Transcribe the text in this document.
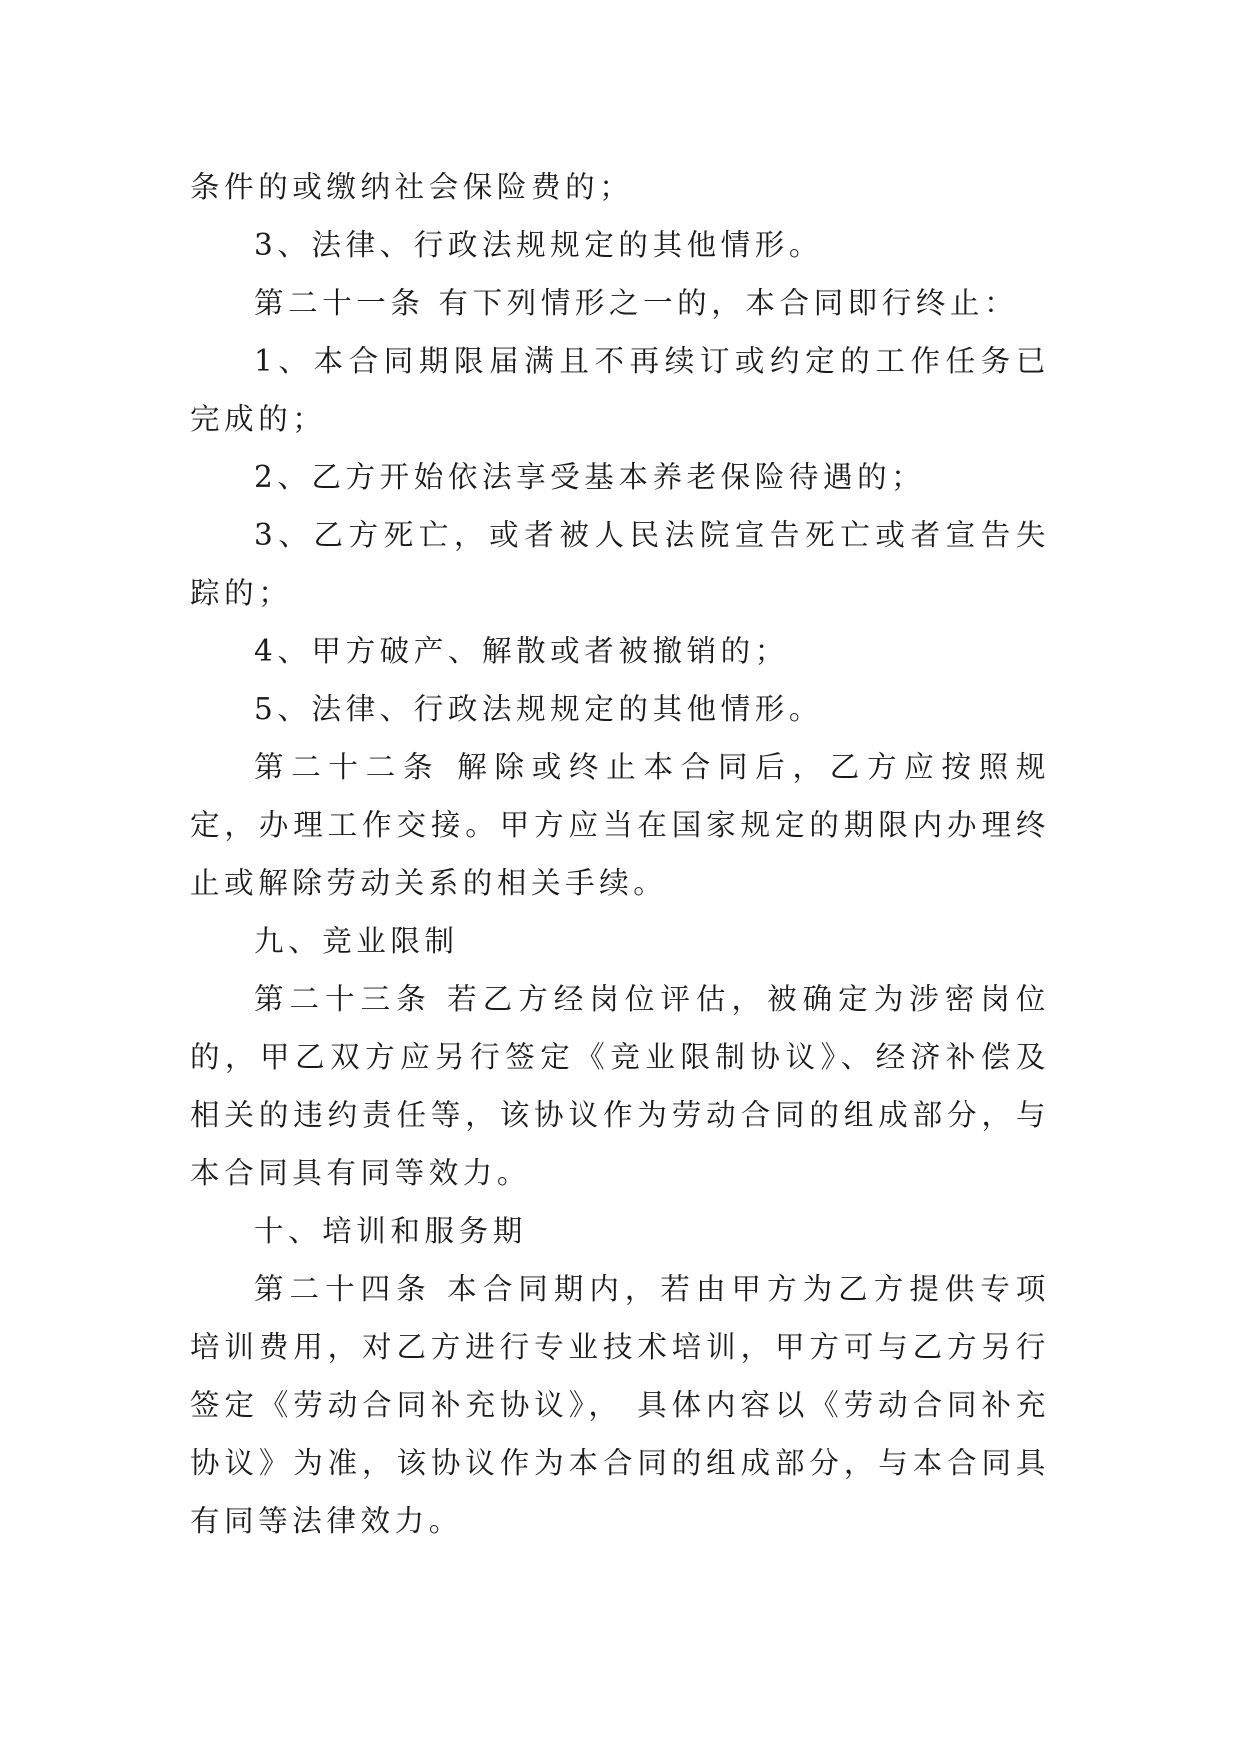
条件的或缴纳社会保险费的；

3、法律、行政法规规定的其他情形。

第二十一条 有下列情形之一的，本合同即行终止：

1、本合同期限届满且不再续订或约定的工作任务已完成的；

2、乙方开始依法享受基本养老保险待遇的；

3、乙方死亡，或者被人民法院宣告死亡或者宣告失踪的；

4、甲方破产、解散或者被撤销的；

5、法律、行政法规规定的其他情形。

第二十二条 解除或终止本合同后，乙方应按照规定，办理工作交接。甲方应当在国家规定的期限内办理终止或解除劳动关系的相关手续。

九、竞业限制

第二十三条 若乙方经岗位评估，被确定为涉密岗位的，甲乙双方应另行签定《竞业限制协议》、经济补偿及相关的违约责任等，该协议作为劳动合同的组成部分，与本合同具有同等效力。

十、培训和服务期

第二十四条 本合同期内，若由甲方为乙方提供专项培训费用，对乙方进行专业技术培训，甲方可与乙方另行签定《劳动合同补充协议》， 具体内容以《劳动合同补充协议》为准，该协议作为本合同的组成部分，与本合同具有同等法律效力。
